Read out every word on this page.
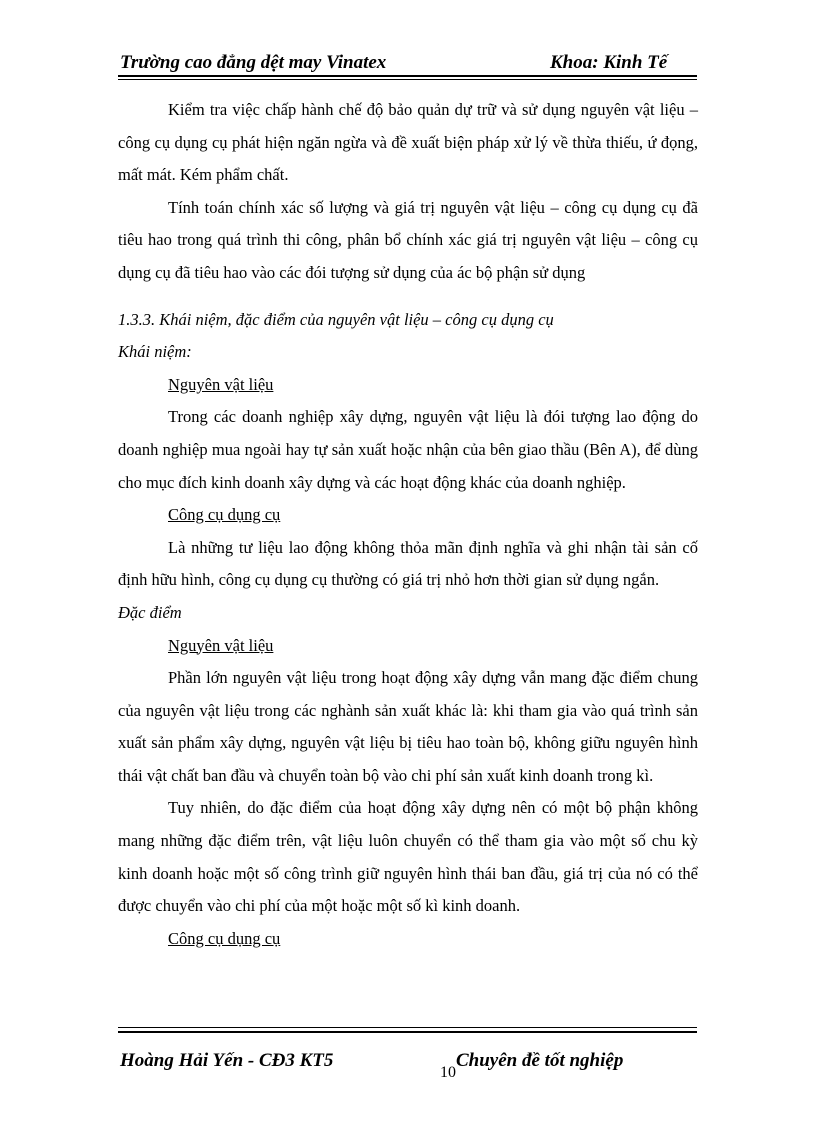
Trường cao đẳng dệt may Vinatex	Khoa: Kinh Tế

Kiểm tra việc chấp hành chế độ bảo quản dự trữ và sử dụng nguyên vật liệu – công cụ dụng cụ phát hiện ngăn ngừa và đề xuất biện pháp xử lý về thừa thiếu, ứ đọng, mất mát. Kém phẩm chất.

Tính toán chính xác số lượng và giá trị nguyên vật liệu – công cụ dụng cụ đã tiêu hao trong quá trình thi công, phân bổ chính xác giá trị nguyên vật liệu – công cụ dụng cụ đã tiêu hao vào các đói tượng sử dụng của ác bộ phận sử dụng

1.3.3. Khái niệm, đặc điểm của nguyên vật liệu – công cụ dụng cụ

Khái niệm:

Nguyên vật liệu

Trong các doanh nghiệp xây dựng, nguyên vật liệu là đói tượng lao động do doanh nghiệp mua ngoài hay tự sản xuất hoặc nhận của bên giao thầu (Bên A), để dùng cho mục đích kinh doanh xây dựng và các hoạt động khác của doanh nghiệp.

Công cụ dụng cụ

Là những tư liệu lao động không thỏa mãn định nghĩa và ghi nhận tài sản cố định hữu hình, công cụ dụng cụ thường có giá trị nhỏ hơn thời gian sử dụng ngắn.

Đặc điểm

Nguyên vật liệu

Phần lớn nguyên vật liệu trong hoạt động xây dựng vẫn mang đặc điểm chung của nguyên vật liệu trong các nghành sản xuất khác là: khi tham gia vào quá trình sản xuất sản phẩm xây dựng, nguyên vật liệu bị tiêu hao toàn bộ, không giữu nguyên hình thái vật chất ban đầu và chuyển toàn bộ vào chi phí sản xuất kinh doanh trong kì.

Tuy nhiên, do đặc điểm của hoạt động xây dựng nên có một bộ phận không mang những đặc điểm trên, vật liệu luôn chuyển có thể tham gia vào một số chu kỳ kinh doanh hoặc một số công trình giữ nguyên hình thái ban đầu, giá trị của nó có thể được chuyển vào chi phí của một hoặc một số kì kinh doanh.

Công cụ dụng cụ

Hoàng Hải Yến - CĐ3 KT5
10
Chuyên đề tốt nghiệp
